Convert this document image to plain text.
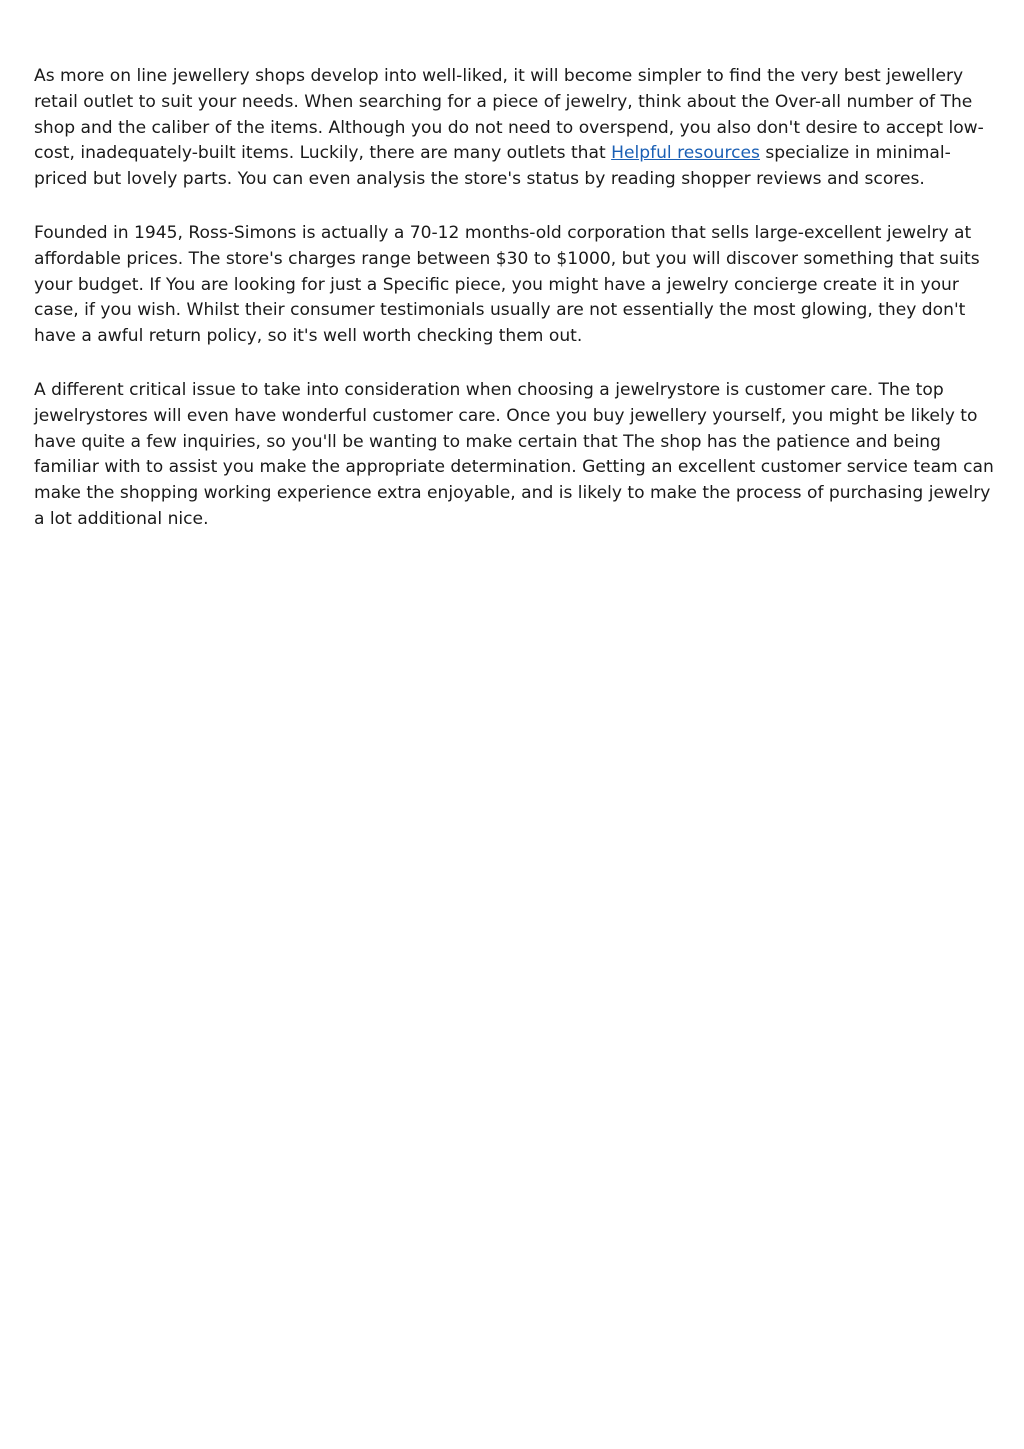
As more on line jewellery shops develop into well-liked, it will become simpler to find the very best jewellery retail outlet to suit your needs. When searching for a piece of jewelry, think about the Over-all number of The shop and the caliber of the items. Although you do not need to overspend, you also don't desire to accept low-cost, inadequately-built items. Luckily, there are many outlets that Helpful resources specialize in minimal-priced but lovely parts. You can even analysis the store's status by reading shopper reviews and scores.

Founded in 1945, Ross-Simons is actually a 70-12 months-old corporation that sells large-excellent jewelry at affordable prices. The store's charges range between $30 to $1000, but you will discover something that suits your budget. If You are looking for just a Specific piece, you might have a jewelry concierge create it in your case, if you wish. Whilst their consumer testimonials usually are not essentially the most glowing, they don't have a awful return policy, so it's well worth checking them out.

A different critical issue to take into consideration when choosing a jewelrystore is customer care. The top jewelrystores will even have wonderful customer care. Once you buy jewellery yourself, you might be likely to have quite a few inquiries, so you'll be wanting to make certain that The shop has the patience and being familiar with to assist you make the appropriate determination. Getting an excellent customer service team can make the shopping working experience extra enjoyable, and is likely to make the process of purchasing jewelry a lot additional nice.
